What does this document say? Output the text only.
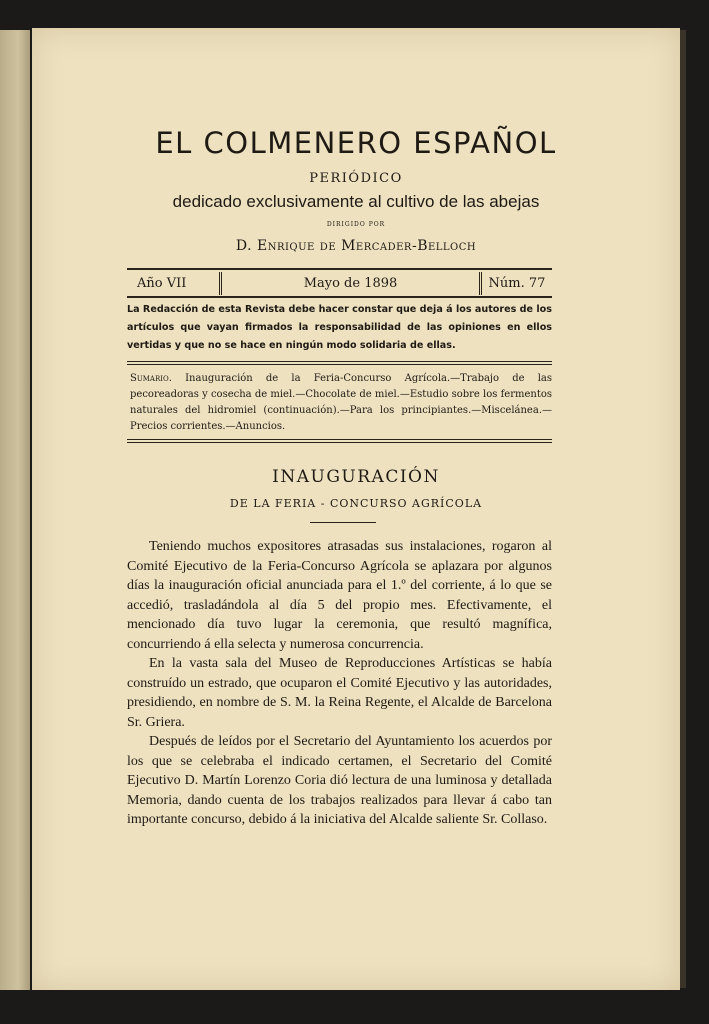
EL COLMENERO ESPAÑOL
PERIÓDICO
dedicado exclusivamente al cultivo de las abejas
DIRIGIDO POR
D. Enrique de Mercader-Belloch
Año VII	Mayo de 1898	Núm. 77
La Redacción de esta Revista debe hacer constar que deja á los autores de los artículos que vayan firmados la responsabilidad de las opiniones en ellos vertidas y que no se hace en ningún modo solidaria de ellas.
Sumario. Inauguración de la Feria-Concurso Agrícola.—Trabajo de las pecoreadoras y cosecha de miel.—Chocolate de miel.—Estudio sobre los fermentos naturales del hidromiel (continuación).—Para los principiantes.—Miscelánea.—Precios corrientes.—Anuncios.
INAUGURACIÓN
DE LA FERIA - CONCURSO AGRÍCOLA

Teniendo muchos expositores atrasadas sus instalaciones, rogaron al Comité Ejecutivo de la Feria-Concurso Agrícola se aplazara por algunos días la inauguración oficial anunciada para el 1.º del corriente, á lo que se accedió, trasladándola al día 5 del propio mes. Efectivamente, el mencionado día tuvo lugar la ceremonia, que resultó magnífica, concurriendo á ella selecta y numerosa concurrencia.

En la vasta sala del Museo de Reproducciones Artísticas se había construído un estrado, que ocuparon el Comité Ejecutivo y las autoridades, presidiendo, en nombre de S. M. la Reina Regente, el Alcalde de Barcelona Sr. Griera.

Después de leídos por el Secretario del Ayuntamiento los acuerdos por los que se celebraba el indicado certamen, el Secretario del Comité Ejecutivo D. Martín Lorenzo Coria dió lectura de una luminosa y detallada Memoria, dando cuenta de los trabajos realizados para llevar á cabo tan importante concurso, debido á la iniciativa del Alcalde saliente Sr. Collaso.
